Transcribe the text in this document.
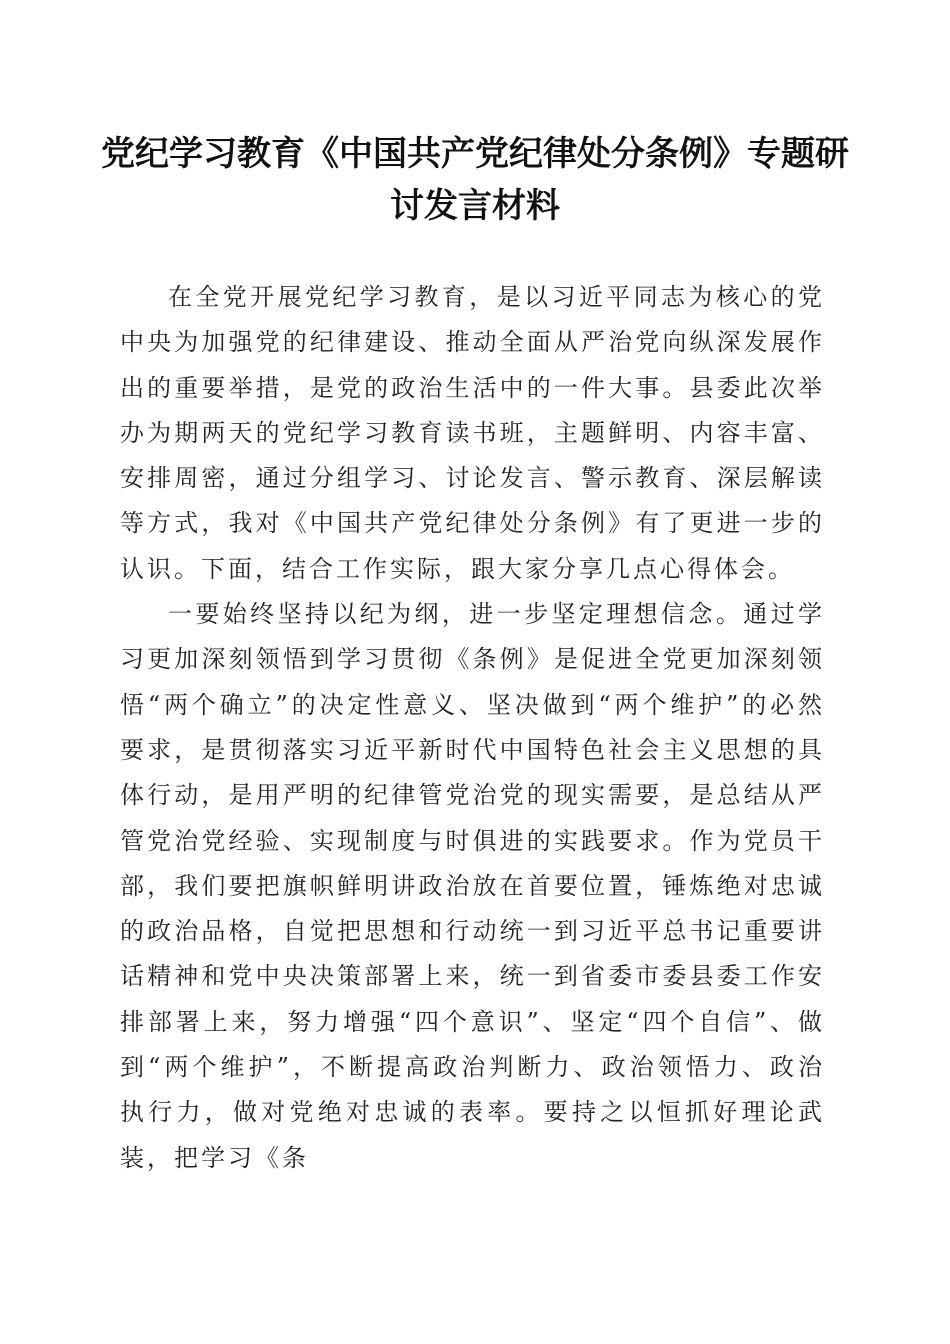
党纪学习教育《中国共产党纪律处分条例》专题研讨发言材料

在全党开展党纪学习教育，是以习近平同志为核心的党中央为加强党的纪律建设、推动全面从严治党向纵深发展作出的重要举措，是党的政治生活中的一件大事。县委此次举办为期两天的党纪学习教育读书班，主题鲜明、内容丰富、安排周密，通过分组学习、讨论发言、警示教育、深层解读等方式，我对《中国共产党纪律处分条例》有了更进一步的认识。下面，结合工作实际，跟大家分享几点心得体会。

一要始终坚持以纪为纲，进一步坚定理想信念。通过学习更加深刻领悟到学习贯彻《条例》是促进全党更加深刻领悟“两个确立”的决定性意义、坚决做到“两个维护”的必然要求，是贯彻落实习近平新时代中国特色社会主义思想的具体行动，是用严明的纪律管党治党的现实需要，是总结从严管党治党经验、实现制度与时俱进的实践要求。作为党员干部，我们要把旗帜鲜明讲政治放在首要位置，锤炼绝对忠诚的政治品格，自觉把思想和行动统一到习近平总书记重要讲话精神和党中央决策部署上来，统一到省委市委县委工作安排部署上来，努力增强“四个意识”、坚定“四个自信”、做到“两个维护”，不断提高政治判断力、政治领悟力、政治执行力，做对党绝对忠诚的表率。要持之以恒抓好理论武装，把学习《条
